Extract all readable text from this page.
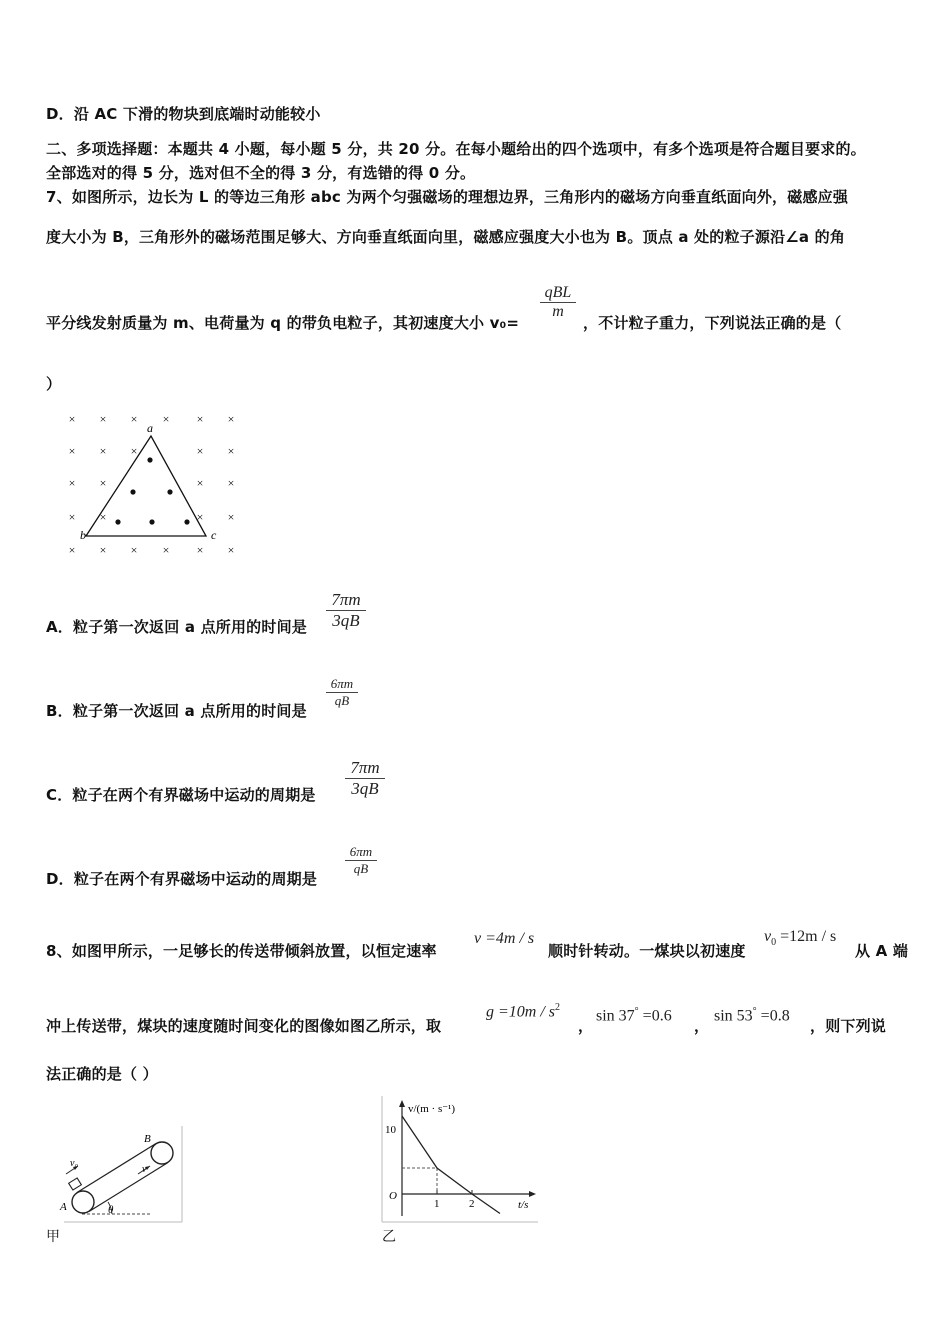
D．沿 AC 下滑的物块到底端时动能较小
二、多项选择题：本题共 4 小题，每小题 5 分，共 20 分。在每小题给出的四个选项中，有多个选项是符合题目要求的。
全部选对的得 5 分，选对但不全的得 3 分，有选错的得 0 分。
7、如图所示，边长为 L 的等边三角形 abc 为两个匀强磁场的理想边界，三角形内的磁场方向垂直纸面向外，磁感应强
度大小为 B，三角形外的磁场范围足够大、方向垂直纸面向里，磁感应强度大小也为 B。顶点 a 处的粒子源沿∠a 的角
平分线发射质量为 m、电荷量为 q 的带负电粒子，其初速度大小 v₀=
qBL
m
，不计粒子重力，下列说法正确的是（
）
× × × × × ×
× × ×	× ×
× ×	× ×
× ×	× ×
× × × × × ×
a
b	c
A．粒子第一次返回 a 点所用的时间是
7πm
3qB
B．粒子第一次返回 a 点所用的时间是
6πm
qB
C．粒子在两个有界磁场中运动的周期是
7πm
3qB
D．粒子在两个有界磁场中运动的周期是
6πm
qB
8、如图甲所示，一足够长的传送带倾斜放置，以恒定速率
v =4m / s
顺时针转动。一煤块以初速度
$v_0 =12m / s$
从 A 端
冲上传送带，煤块的速度随时间变化的图像如图乙所示，取
$g =10m / s^2$
，
sin 37° =0.6
，
sin 53° =0.8
，则下列说
法正确的是（ ）
A
B
v₀
v
θ
甲
v/(m · s⁻¹)
t/s
O
10
1	2
乙
